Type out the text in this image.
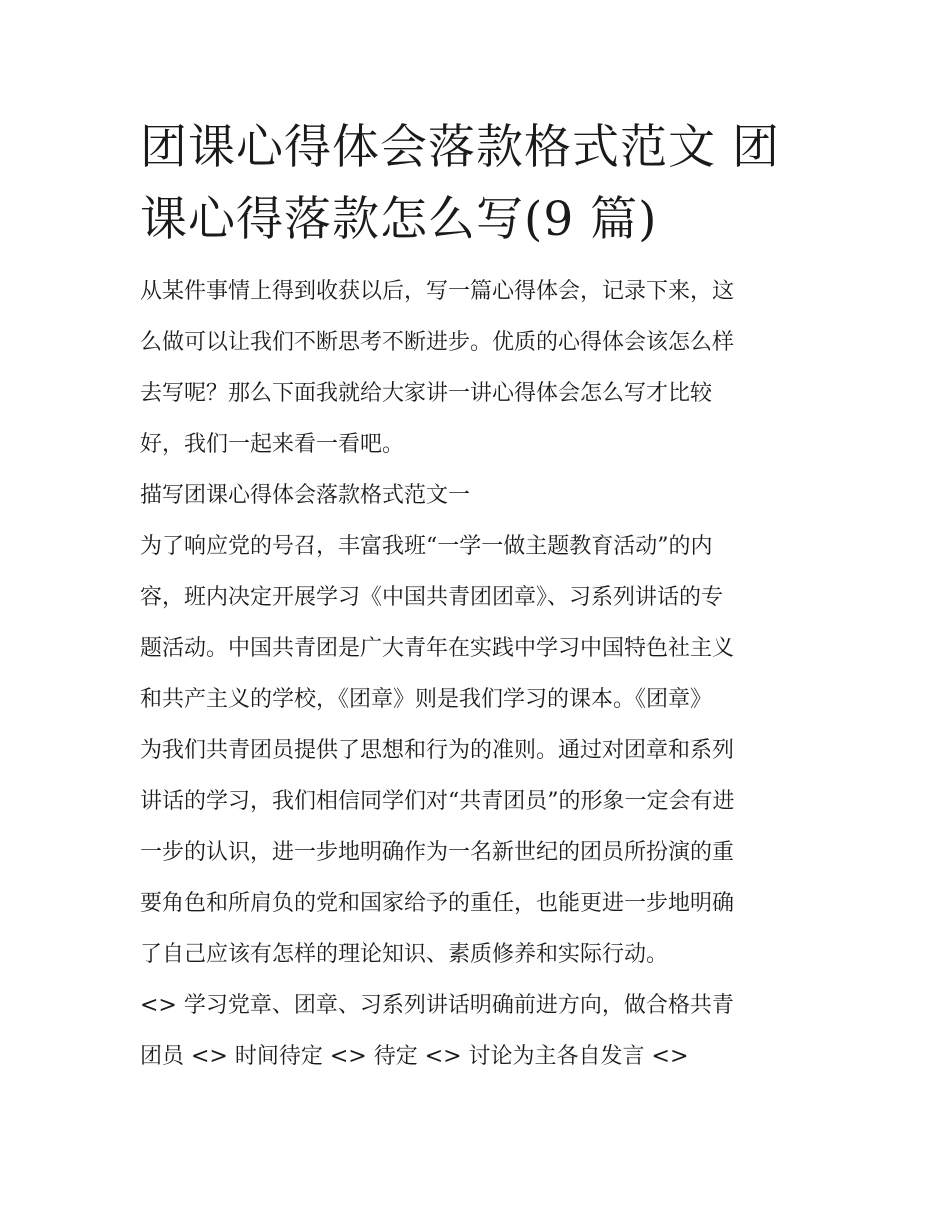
团课心得体会落款格式范文 团
课心得落款怎么写(9 篇)

从某件事情上得到收获以后，写一篇心得体会，记录下来，这
么做可以让我们不断思考不断进步。优质的心得体会该怎么样
去写呢？那么下面我就给大家讲一讲心得体会怎么写才比较
好，我们一起来看一看吧。

描写团课心得体会落款格式范文一

为了响应党的号召，丰富我班“一学一做主题教育活动”的内
容，班内决定开展学习《中国共青团团章》、习系列讲话的专
题活动。中国共青团是广大青年在实践中学习中国特色社主义
和共产主义的学校，《团章》则是我们学习的课本。《团章》
为我们共青团员提供了思想和行为的准则。通过对团章和系列
讲话的学习，我们相信同学们对“共青团员”的形象一定会有进
一步的认识，进一步地明确作为一名新世纪的团员所扮演的重
要角色和所肩负的党和国家给予的重任，也能更进一步地明确
了自己应该有怎样的理论知识、素质修养和实际行动。

<> 学习党章、团章、习系列讲话明确前进方向，做合格共青
团员 <> 时间待定 <> 待定 <> 讨论为主各自发言 <>
